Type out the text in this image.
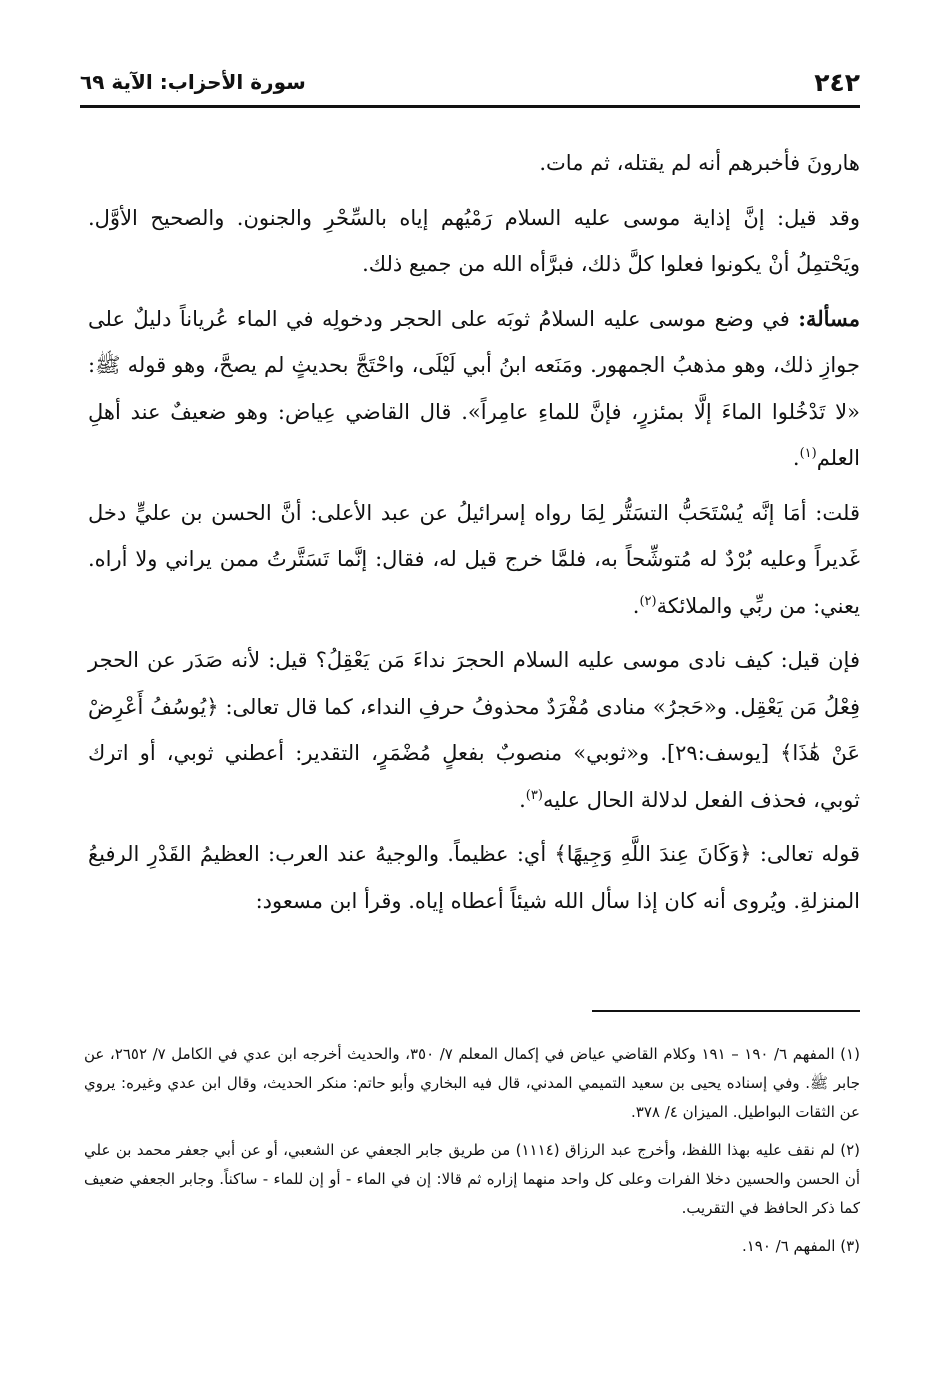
٢٤٢
سورة الأحزاب: الآية ٦٩

هارونَ فأخبرهم أنه لم يقتله، ثم مات.

وقد قيل: إنَّ إذاية موسى عليه السلام رَمْيُهم إياه بالسِّحْرِ والجنون. والصحيح الأوَّل. ويَحْتمِلُ أنْ يكونوا فعلوا كلَّ ذلك، فبرَّأه الله من جميع ذلك.

مسألة: في وضع موسى عليه السلامُ ثوبَه على الحجر ودخولِه في الماء عُرياناً دليلٌ على جوازِ ذلك، وهو مذهبُ الجمهور. ومَنَعه ابنُ أبي لَيْلَى، واحْتَجَّ بحديثٍ لم يصحَّ، وهو قوله ﷺ: «لا تَدْخُلوا الماءَ إلَّا بمئزرٍ، فإنَّ للماءِ عامِراً». قال القاضي عِياض: وهو ضعيفٌ عند أهلِ العلم$^{(١)}$.

قلت: أمَا إنَّه يُسْتَحَبُّ التسَتُّر لِمَا رواه إسرائيلُ عن عبد الأعلى: أنَّ الحسن بن عليٍّ دخل غَديراً وعليه بُرْدٌ له مُتوشِّحاً به، فلمَّا خرج قيل له، فقال: إنَّما تَسَتَّرتُ ممن يراني ولا أراه. يعني: من ربِّي والملائكة$^{(٢)}$.

فإن قيل: كيف نادى موسى عليه السلام الحجرَ نداءَ مَن يَعْقِلُ؟ قيل: لأنه صَدَر عن الحجر فِعْلُ مَن يَعْقِل. و«حَجرُ» منادى مُفْرَدٌ محذوفُ حرفِ النداء، كما قال تعالى: ﴿يُوسُفُ أَعْرِضْ عَنْ هَٰذَا﴾ [يوسف:٢٩]. و«ثوبي» منصوبٌ بفعلٍ مُضْمَرٍ، التقدير: أعطني ثوبي، أو اترك ثوبي، فحذف الفعل لدلالة الحال عليه$^{(٣)}$.

قوله تعالى: ﴿وَكَانَ عِندَ اللَّهِ وَجِيهًا﴾ أي: عظيماً. والوجيهُ عند العرب: العظيمُ القَدْرِ الرفيعُ المنزلةِ. ويُروى أنه كان إذا سأل الله شيئاً أعطاه إياه. وقرأ ابن مسعود:

(١) المفهم ٦/ ١٩٠ – ١٩١ وكلام القاضي عياض في إكمال المعلم ٧/ ٣٥٠، والحديث أخرجه ابن عدي في الكامل ٧/ ٢٦٥٢، عن جابر ﷺ. وفي إسناده يحيى بن سعيد التميمي المدني، قال فيه البخاري وأبو حاتم: منكر الحديث، وقال ابن عدي وغيره: يروي عن الثقات البواطيل. الميزان ٤/ ٣٧٨.

(٢) لم نقف عليه بهذا اللفظ، وأخرج عبد الرزاق (١١١٤) من طريق جابر الجعفي عن الشعبي، أو عن أبي جعفر محمد بن علي أن الحسن والحسين دخلا الفرات وعلى كل واحد منهما إزاره ثم قالا: إن في الماء - أو إن للماء - ساكناً. وجابر الجعفي ضعيف كما ذكر الحافظ في التقريب.

(٣) المفهم ٦/ ١٩٠.
